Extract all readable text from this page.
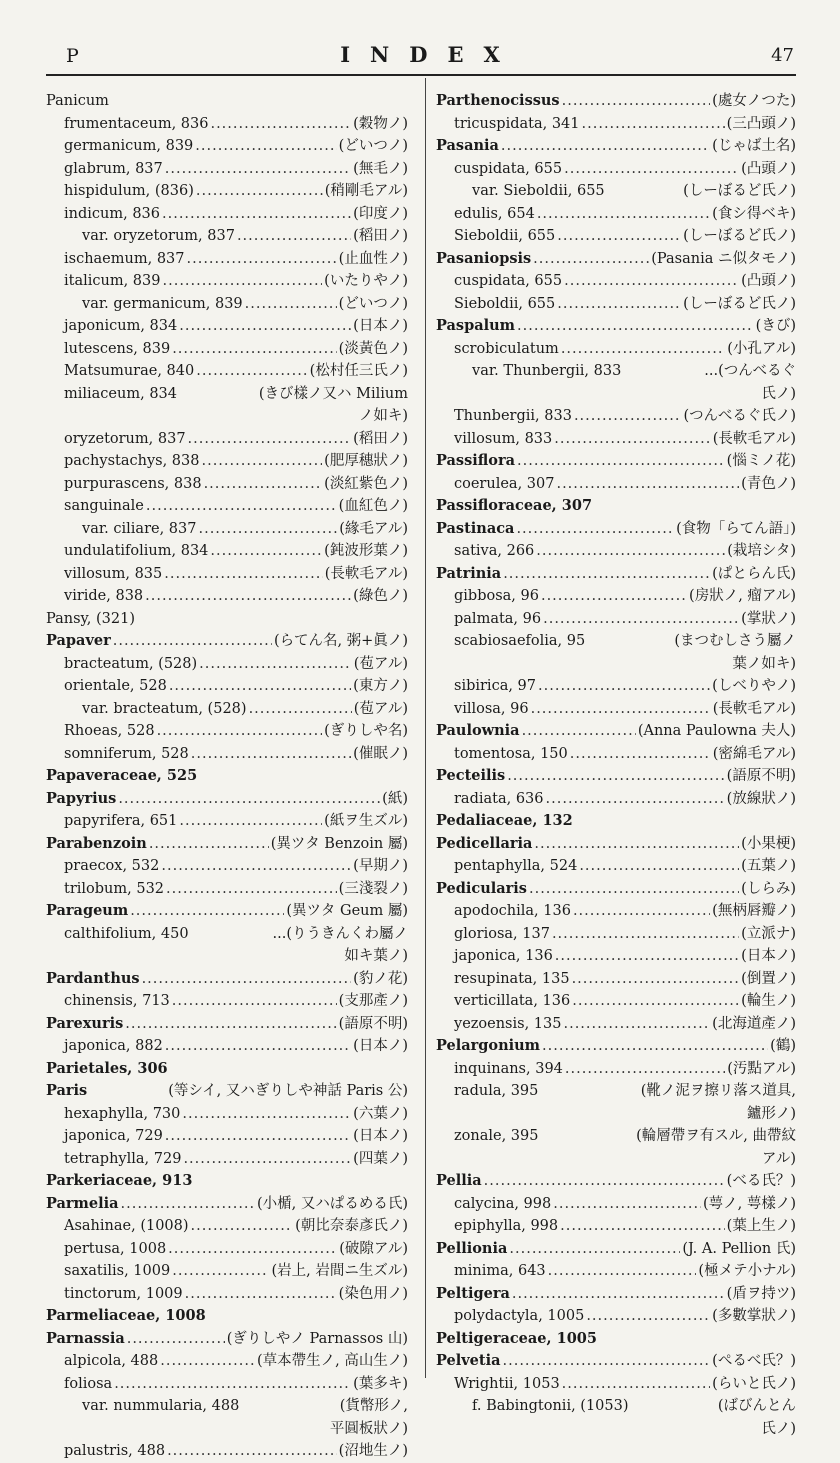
P	INDEX	47
Panicum
frumentaceum, 836 .....	(穀物ノ)
germanicum, 839 .....	(どいつノ)
glabrum, 837 .....	(無毛ノ)
hispidulum, (836) .....	(稍剛毛アル)
indicum, 836 .....	(印度ノ)
var. oryzetorum, 837 .....	(稻田ノ)
ischaemum, 837 .....	(止血性ノ)
italicum, 839 .....	(いたりやノ)
var. germanicum, 839 .....	(どいつノ)
japonicum, 834 .....	(日本ノ)
lutescens, 839 .....	(淡黃色ノ)
Matsumurae, 840 .....	(松村任三氏ノ)
miliaceum, 834	(きび樣ノ又ハ Milium
ノ如キ)
oryzetorum, 837 .....	(稻田ノ)
pachystachys, 838 .....	(肥厚穗狀ノ)
purpurascens, 838 .....	(淡紅紫色ノ)
sanguinale .....	(血紅色ノ)
var. ciliare, 837 .....	(緣毛アル)
undulatifolium, 834 .....	(鈍波形葉ノ)
villosum, 835 .....	(長軟毛アル)
viride, 838 .....	(綠色ノ)
Pansy, (321)
Papaver .....	(らてん名, 粥+眞ノ)
bracteatum, (528) .....	(苞アル)
orientale, 528 .....	(東方ノ)
var. bracteatum, (528) .....	(苞アル)
Rhoeas, 528 .....	(ぎりしや名)
somniferum, 528 .....	(催眠ノ)
Papaveraceae, 525
Papyrius .....	(紙)
papyrifera, 651 .....	(紙ヲ生ズル)
Parabenzoin .....	(異ツタ Benzoin 屬)
praecox, 532 .....	(早期ノ)
trilobum, 532 .....	(三淺裂ノ)
Parageum .....	(異ツタ Geum 屬)
calthifolium, 450	...(りうきんくわ屬ノ
如キ葉ノ)
Pardanthus .....	(豹ノ花)
chinensis, 713 .....	(支那產ノ)
Parexuris .....	(語原不明)
japonica, 882 .....	(日本ノ)
Parietales, 306
Paris	(等シイ, 又ハぎりしや神話 Paris 公)
hexaphylla, 730 .....	(六葉ノ)
japonica, 729 .....	(日本ノ)
tetraphylla, 729 .....	(四葉ノ)
Parkeriaceae, 913
Parmelia .....	(小楯, 又ハぱるめる氏)
Asahinae, (1008) .....	(朝比奈泰彥氏ノ)
pertusa, 1008 .....	(破隙アル)
saxatilis, 1009 .....	(岩上, 岩間ニ生ズル)
tinctorum, 1009 .....	(染色用ノ)
Parmeliaceae, 1008
Parnassia .....	(ぎりしやノ Parnassos 山)
alpicola, 488 .....	(草本帶生ノ, 高山生ノ)
foliosa .....	(葉多キ)
var. nummularia, 488	(貨幣形ノ,
平圓板狀ノ)
palustris, 488 .....	(沼地生ノ)
Parthenocissus .....	(處女ノつた)
tricuspidata, 341 .....	(三凸頭ノ)
Pasania .....	(じゃば土名)
cuspidata, 655 .....	(凸頭ノ)
var. Sieboldii, 655	(しーぼるど氏ノ)
edulis, 654 .....	(食シ得ベキ)
Sieboldii, 655 .....	(しーぼるど氏ノ)
Pasaniopsis .....	(Pasania ニ似タモノ)
cuspidata, 655 .....	(凸頭ノ)
Sieboldii, 655 .....	(しーぼるど氏ノ)
Paspalum .....	(きび)
scrobiculatum .....	(小孔アル)
var. Thunbergii, 833	...(つんべるぐ
氏ノ)
Thunbergii, 833 .....	(つんべるぐ氏ノ)
villosum, 833 .....	(長軟毛アル)
Passiflora .....	(惱ミノ花)
coerulea, 307 .....	(青色ノ)
Passifloraceae, 307
Pastinaca .....	(食物「らてん語」)
sativa, 266 .....	(栽培シタ)
Patrinia .....	(ぱとらん氏)
gibbosa, 96 .....	(房狀ノ, 瘤アル)
palmata, 96 .....	(掌狀ノ)
scabiosaefolia, 95	(まつむしさう屬ノ
葉ノ如キ)
sibirica, 97 .....	(しべりやノ)
villosa, 96 .....	(長軟毛アル)
Paulownia .....	(Anna Paulowna 夫人)
tomentosa, 150 .....	(密綿毛アル)
Pecteilis .....	(語原不明)
radiata, 636 .....	(放線狀ノ)
Pedaliaceae, 132
Pedicellaria .....	(小果梗)
pentaphylla, 524 .....	(五葉ノ)
Pedicularis .....	(しらみ)
apodochila, 136 .....	(無柄唇瓣ノ)
gloriosa, 137 .....	(立派ナ)
japonica, 136 .....	(日本ノ)
resupinata, 135 .....	(倒置ノ)
verticillata, 136 .....	(輪生ノ)
yezoensis, 135 .....	(北海道產ノ)
Pelargonium .....	(鶴)
inquinans, 394 .....	(汚點アル)
radula, 395	(靴ノ泥ヲ擦リ落ス道具,
鑪形ノ)
zonale, 395	(輪層帶ヲ有スル, 曲帶紋
アル)
Pellia .....	(べる氏？)
calycina, 998 .....	(萼ノ, 萼樣ノ)
epiphylla, 998 .....	(葉上生ノ)
Pellionia .....	(J. A. Pellion 氏)
minima, 643 .....	(極メテ小ナル)
Peltigera .....	(盾ヲ持ツ)
polydactyla, 1005 .....	(多數掌狀ノ)
Peltigeraceae, 1005
Pelvetia .....	(ぺるべ氏？)
Wrightii, 1053 .....	(らいと氏ノ)
f. Babingtonii, (1053)	(ばびんとん
氏ノ)
